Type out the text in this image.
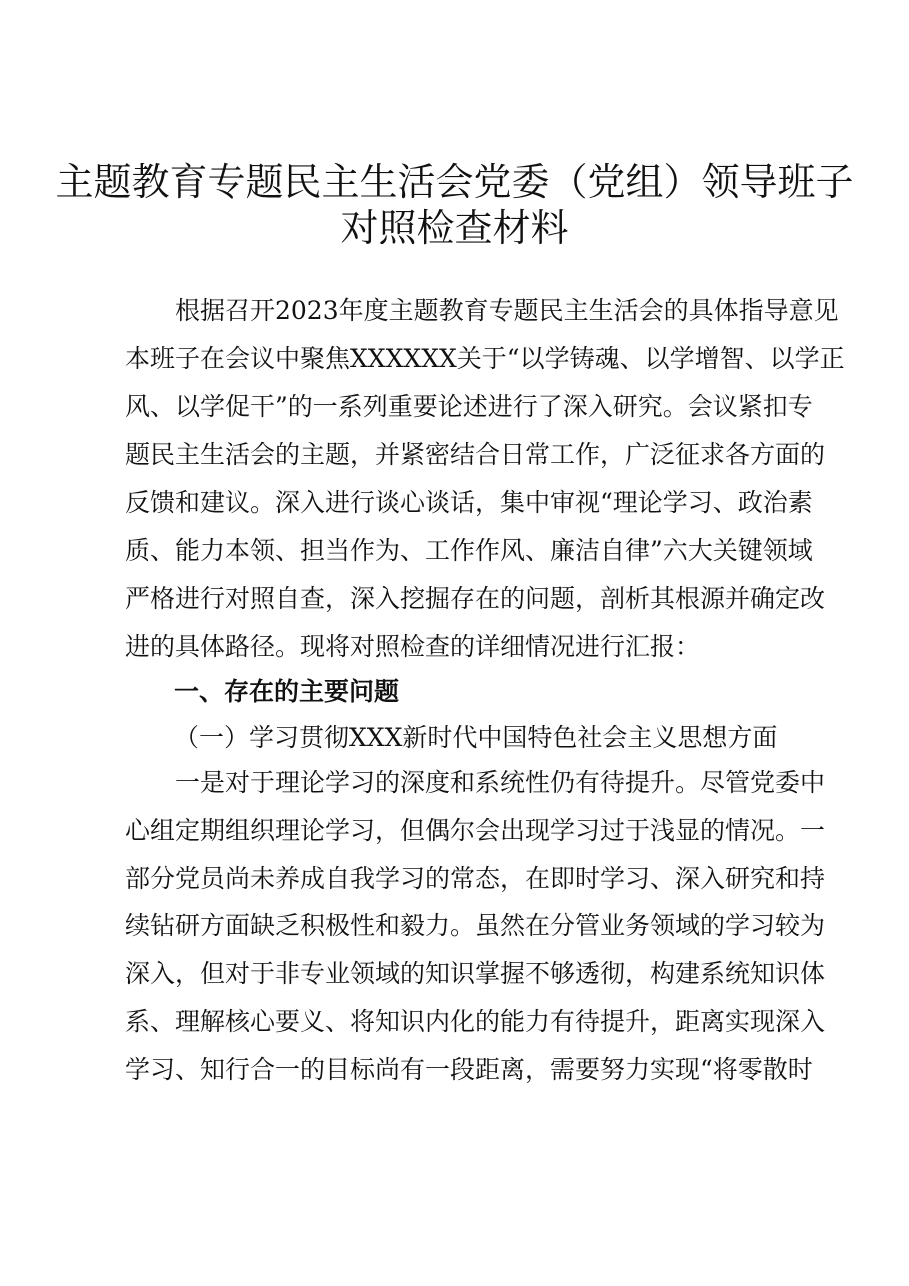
主题教育专题民主生活会党委（党组）领导班子
对照检查材料
　　根据召开2023年度主题教育专题民主生活会的具体指导意见
本班子在会议中聚焦XXXXXX关于“以学铸魂、以学增智、以学正
风、以学促干”的一系列重要论述进行了深入研究。会议紧扣专
题民主生活会的主题，并紧密结合日常工作，广泛征求各方面的
反馈和建议。深入进行谈心谈话，集中审视“理论学习、政治素
质、能力本领、担当作为、工作作风、廉洁自律”六大关键领域
严格进行对照自查，深入挖掘存在的问题，剖析其根源并确定改
进的具体路径。现将对照检查的详细情况进行汇报：
一、存在的主要问题
（一）学习贯彻XXX新时代中国特色社会主义思想方面
　　一是对于理论学习的深度和系统性仍有待提升。尽管党委中
心组定期组织理论学习，但偶尔会出现学习过于浅显的情况。一
部分党员尚未养成自我学习的常态，在即时学习、深入研究和持
续钻研方面缺乏积极性和毅力。虽然在分管业务领域的学习较为
深入，但对于非专业领域的知识掌握不够透彻，构建系统知识体
系、理解核心要义、将知识内化的能力有待提升，距离实现深入
学习、知行合一的目标尚有一段距离，需要努力实现“将零散时
